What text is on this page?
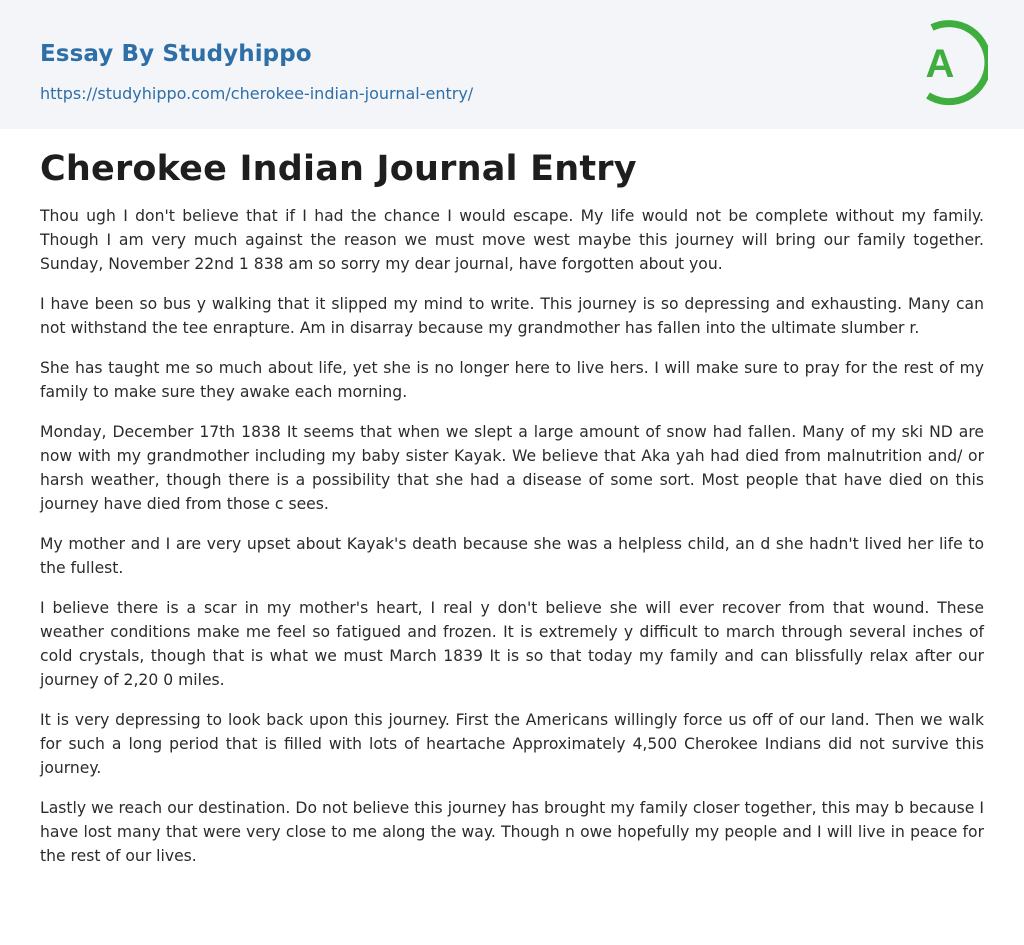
Essay By Studyhippo
https://studyhippo.com/cherokee-indian-journal-entry/
A
Cherokee Indian Journal Entry

Thou ugh I don't believe that if I had the chance I would escape. My life would not be complete without my family. Though I am very much against the reason we must move west maybe this journey will bring our family together. Sunday, November 22nd 1 838 am so sorry my dear journal, have forgotten about you.

I have been so bus y walking that it slipped my mind to write. This journey is so depressing and exhausting. Many can not withstand the tee enrapture. Am in disarray because my grandmother has fallen into the ultimate slumber r.

She has taught me so much about life, yet she is no longer here to live hers. I will make sure to pray for the rest of my family to make sure they awake each morning.

Monday, December 17th 1838 It seems that when we slept a large amount of snow had fallen. Many of my ski ND are now with my grandmother including my baby sister Kayak. We believe that Aka yah had died from malnutrition and/ or harsh weather, though there is a possibility that she had a disease of some sort. Most people that have died on this journey have died from those c sees.

My mother and I are very upset about Kayak's death because she was a helpless child, an d she hadn't lived her life to the fullest.

I believe there is a scar in my mother's heart, I real y don't believe she will ever recover from that wound. These weather conditions make me feel so fatigued and frozen. It is extremely y difficult to march through several inches of cold crystals, though that is what we must March 1839 It is so that today my family and can blissfully relax after our journey of 2,20 0 miles.

It is very depressing to look back upon this journey. First the Americans willingly force us off of our land. Then we walk for such a long period that is filled with lots of heartache Approximately 4,500 Cherokee Indians did not survive this journey.

Lastly we reach our destination. Do not believe this journey has brought my family closer together, this may b because I have lost many that were very close to me along the way. Though n owe hopefully my people and I will live in peace for the rest of our lives.
